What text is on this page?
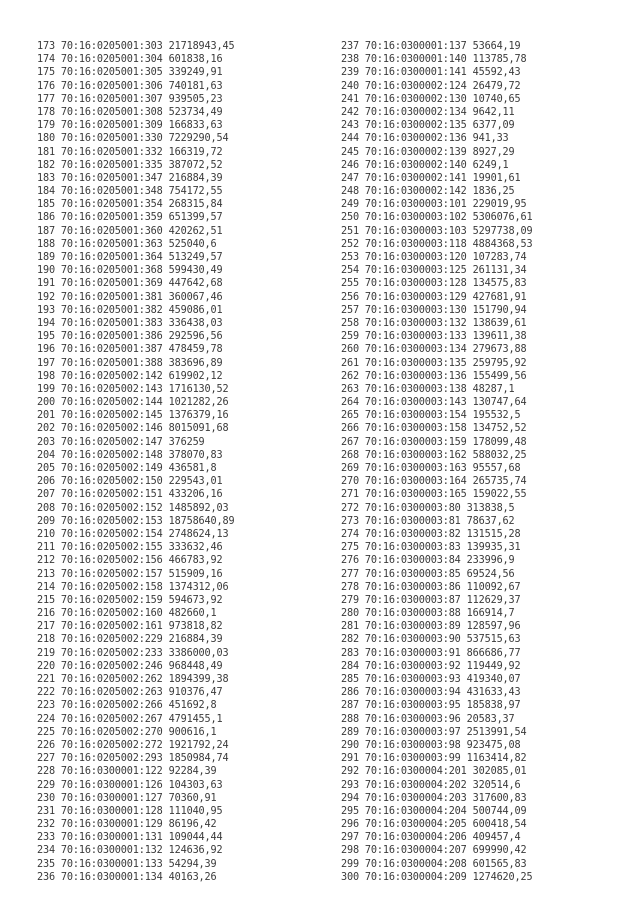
173 70:16:0205001:303 21718943,45
174 70:16:0205001:304 601838,16
175 70:16:0205001:305 339249,91
176 70:16:0205001:306 740181,63
177 70:16:0205001:307 939505,23
178 70:16:0205001:308 523734,49
179 70:16:0205001:309 166833,63
180 70:16:0205001:330 7229290,54
181 70:16:0205001:332 166319,72
182 70:16:0205001:335 387072,52
183 70:16:0205001:347 216884,39
184 70:16:0205001:348 754172,55
185 70:16:0205001:354 268315,84
186 70:16:0205001:359 651399,57
187 70:16:0205001:360 420262,51
188 70:16:0205001:363 525040,6
189 70:16:0205001:364 513249,57
190 70:16:0205001:368 599430,49
191 70:16:0205001:369 447642,68
192 70:16:0205001:381 360067,46
193 70:16:0205001:382 459086,01
194 70:16:0205001:383 336438,03
195 70:16:0205001:386 292596,56
196 70:16:0205001:387 478459,78
197 70:16:0205001:388 383696,89
198 70:16:0205002:142 619902,12
199 70:16:0205002:143 1716130,52
200 70:16:0205002:144 1021282,26
201 70:16:0205002:145 1376379,16
202 70:16:0205002:146 8015091,68
203 70:16:0205002:147 376259
204 70:16:0205002:148 378070,83
205 70:16:0205002:149 436581,8
206 70:16:0205002:150 229543,01
207 70:16:0205002:151 433206,16
208 70:16:0205002:152 1485892,03
209 70:16:0205002:153 18758640,89
210 70:16:0205002:154 2748624,13
211 70:16:0205002:155 333632,46
212 70:16:0205002:156 466783,92
213 70:16:0205002:157 515909,16
214 70:16:0205002:158 1374312,06
215 70:16:0205002:159 594673,92
216 70:16:0205002:160 482660,1
217 70:16:0205002:161 973818,82
218 70:16:0205002:229 216884,39
219 70:16:0205002:233 3386000,03
220 70:16:0205002:246 968448,49
221 70:16:0205002:262 1894399,38
222 70:16:0205002:263 910376,47
223 70:16:0205002:266 451692,8
224 70:16:0205002:267 4791455,1
225 70:16:0205002:270 900616,1
226 70:16:0205002:272 1921792,24
227 70:16:0205002:293 1850984,74
228 70:16:0300001:122 92284,39
229 70:16:0300001:126 104303,63
230 70:16:0300001:127 70360,91
231 70:16:0300001:128 111040,95
232 70:16:0300001:129 86196,42
233 70:16:0300001:131 109044,44
234 70:16:0300001:132 124636,92
235 70:16:0300001:133 54294,39
236 70:16:0300001:134 40163,26
237 70:16:0300001:137 53664,19
238 70:16:0300001:140 113785,78
239 70:16:0300001:141 45592,43
240 70:16:0300002:124 26479,72
241 70:16:0300002:130 10740,65
242 70:16:0300002:134 9642,11
243 70:16:0300002:135 6377,09
244 70:16:0300002:136 941,33
245 70:16:0300002:139 8927,29
246 70:16:0300002:140 6249,1
247 70:16:0300002:141 19901,61
248 70:16:0300002:142 1836,25
249 70:16:0300003:101 229019,95
250 70:16:0300003:102 5306076,61
251 70:16:0300003:103 5297738,09
252 70:16:0300003:118 4884368,53
253 70:16:0300003:120 107283,74
254 70:16:0300003:125 261131,34
255 70:16:0300003:128 134575,83
256 70:16:0300003:129 427681,91
257 70:16:0300003:130 151790,94
258 70:16:0300003:132 138639,61
259 70:16:0300003:133 139611,38
260 70:16:0300003:134 279673,88
261 70:16:0300003:135 259795,92
262 70:16:0300003:136 155499,56
263 70:16:0300003:138 48287,1
264 70:16:0300003:143 130747,64
265 70:16:0300003:154 195532,5
266 70:16:0300003:158 134752,52
267 70:16:0300003:159 178099,48
268 70:16:0300003:162 588032,25
269 70:16:0300003:163 95557,68
270 70:16:0300003:164 265735,74
271 70:16:0300003:165 159022,55
272 70:16:0300003:80 313838,5
273 70:16:0300003:81 78637,62
274 70:16:0300003:82 131515,28
275 70:16:0300003:83 139935,31
276 70:16:0300003:84 233996,9
277 70:16:0300003:85 69524,56
278 70:16:0300003:86 110092,67
279 70:16:0300003:87 112629,37
280 70:16:0300003:88 166914,7
281 70:16:0300003:89 128597,96
282 70:16:0300003:90 537515,63
283 70:16:0300003:91 866686,77
284 70:16:0300003:92 119449,92
285 70:16:0300003:93 419340,07
286 70:16:0300003:94 431633,43
287 70:16:0300003:95 185838,97
288 70:16:0300003:96 20583,37
289 70:16:0300003:97 2513991,54
290 70:16:0300003:98 923475,08
291 70:16:0300003:99 1163414,82
292 70:16:0300004:201 302085,01
293 70:16:0300004:202 320514,6
294 70:16:0300004:203 317600,83
295 70:16:0300004:204 500744,09
296 70:16:0300004:205 600418,54
297 70:16:0300004:206 409457,4
298 70:16:0300004:207 699990,42
299 70:16:0300004:208 601565,83
300 70:16:0300004:209 1274620,25
